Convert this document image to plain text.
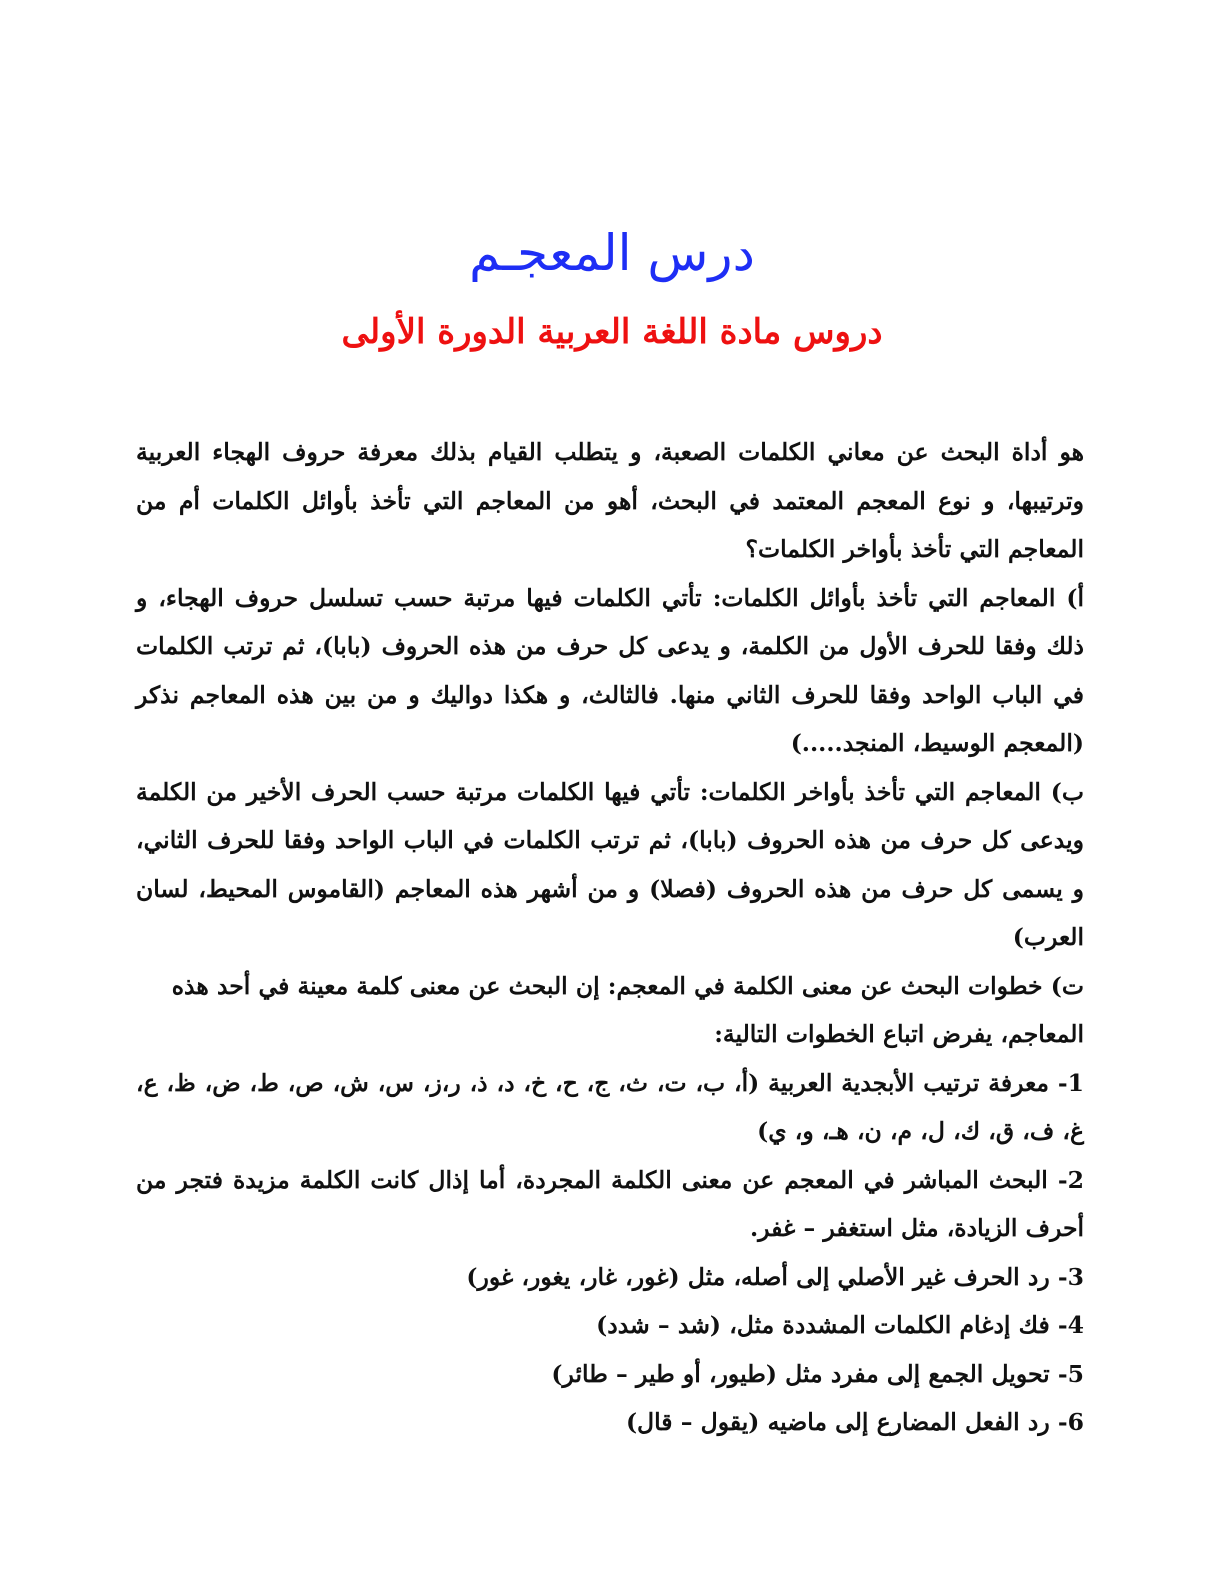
درس المعجـم
دروس مادة اللغة العربية الدورة الأولى

هو أداة البحث عن معاني الكلمات الصعبة، و يتطلب القيام بذلك معرفة حروف الهجاء العربية وترتيبها، و نوع المعجم المعتمد في البحث، أهو من المعاجم التي تأخذ بأوائل الكلمات أم من المعاجم التي تأخذ بأواخر الكلمات؟

أ) المعاجم التي تأخذ بأوائل الكلمات: تأتي الكلمات فيها مرتبة حسب تسلسل حروف الهجاء، و ذلك وفقا للحرف الأول من الكلمة، و يدعى كل حرف من هذه الحروف (بابا)، ثم ترتب الكلمات في الباب الواحد وفقا للحرف الثاني منها. فالثالث، و هكذا دواليك و من بين هذه المعاجم نذكر (المعجم الوسيط، المنجد.....)

ب) المعاجم التي تأخذ بأواخر الكلمات: تأتي فيها الكلمات مرتبة حسب الحرف الأخير من الكلمة ويدعى كل حرف من هذه الحروف (بابا)، ثم ترتب الكلمات في الباب الواحد وفقا للحرف الثاني، و يسمى كل حرف من هذه الحروف (فصلا) و من أشهر هذه المعاجم (القاموس المحيط، لسان العرب)

ت) خطوات البحث عن معنى الكلمة في المعجم: إن البحث عن معنى كلمة معينة في أحد هذه المعاجم، يفرض اتباع الخطوات التالية:

1- معرفة ترتيب الأبجدية العربية (أ، ب، ت، ث، ج، ح، خ، د، ذ، ر،ز، س، ش، ص، ط، ض، ظ، ع، غ، ف، ق، ك، ل، م، ن، هـ، و، ي)

2- البحث المباشر في المعجم عن معنى الكلمة المجردة، أما إذال كانت الكلمة مزيدة فتجر من أحرف الزيادة، مثل استغفر – غفر.

3- رد الحرف غير الأصلي إلى أصله، مثل (غور، غار، يغور، غور)

4- فك إدغام الكلمات المشددة مثل، (شد – شدد)

5- تحويل الجمع إلى مفرد مثل (طيور، أو طير – طائر)

6- رد الفعل المضارع إلى ماضيه (يقول – قال)
